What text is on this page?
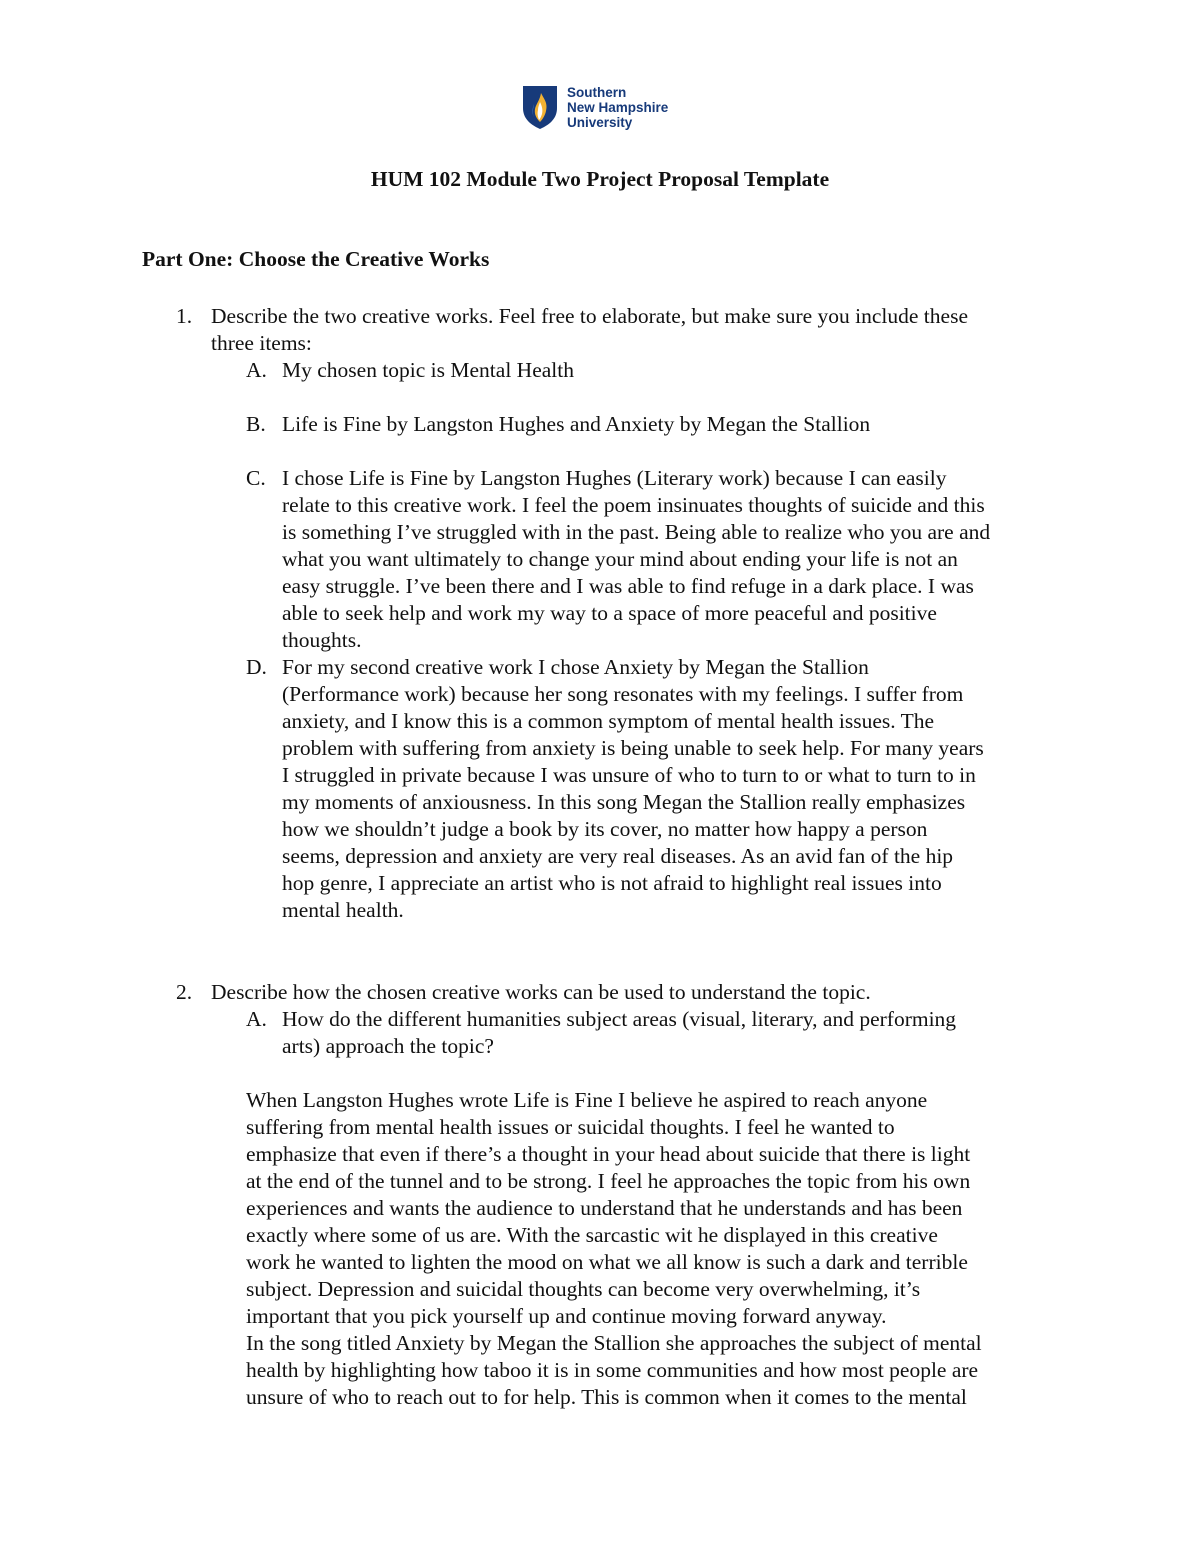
Southern
New Hampshire
University
HUM 102 Module Two Project Proposal Template
Part One: Choose the Creative Works
1. Describe the two creative works. Feel free to elaborate, but make sure you include these
three items:
A. My chosen topic is Mental Health
B. Life is Fine by Langston Hughes and Anxiety by Megan the Stallion
C. I chose Life is Fine by Langston Hughes (Literary work) because I can easily
relate to this creative work. I feel the poem insinuates thoughts of suicide and this
is something I’ve struggled with in the past. Being able to realize who you are and
what you want ultimately to change your mind about ending your life is not an
easy struggle. I’ve been there and I was able to find refuge in a dark place. I was
able to seek help and work my way to a space of more peaceful and positive
thoughts.
D. For my second creative work I chose Anxiety by Megan the Stallion
(Performance work) because her song resonates with my feelings. I suffer from
anxiety, and I know this is a common symptom of mental health issues. The
problem with suffering from anxiety is being unable to seek help. For many years
I struggled in private because I was unsure of who to turn to or what to turn to in
my moments of anxiousness. In this song Megan the Stallion really emphasizes
how we shouldn’t judge a book by its cover, no matter how happy a person
seems, depression and anxiety are very real diseases. As an avid fan of the hip
hop genre, I appreciate an artist who is not afraid to highlight real issues into
mental health.
2. Describe how the chosen creative works can be used to understand the topic.
A. How do the different humanities subject areas (visual, literary, and performing
arts) approach the topic?
When Langston Hughes wrote Life is Fine I believe he aspired to reach anyone
suffering from mental health issues or suicidal thoughts. I feel he wanted to
emphasize that even if there’s a thought in your head about suicide that there is light
at the end of the tunnel and to be strong. I feel he approaches the topic from his own
experiences and wants the audience to understand that he understands and has been
exactly where some of us are. With the sarcastic wit he displayed in this creative
work he wanted to lighten the mood on what we all know is such a dark and terrible
subject. Depression and suicidal thoughts can become very overwhelming, it’s
important that you pick yourself up and continue moving forward anyway.
In the song titled Anxiety by Megan the Stallion she approaches the subject of mental
health by highlighting how taboo it is in some communities and how most people are
unsure of who to reach out to for help. This is common when it comes to the mental
